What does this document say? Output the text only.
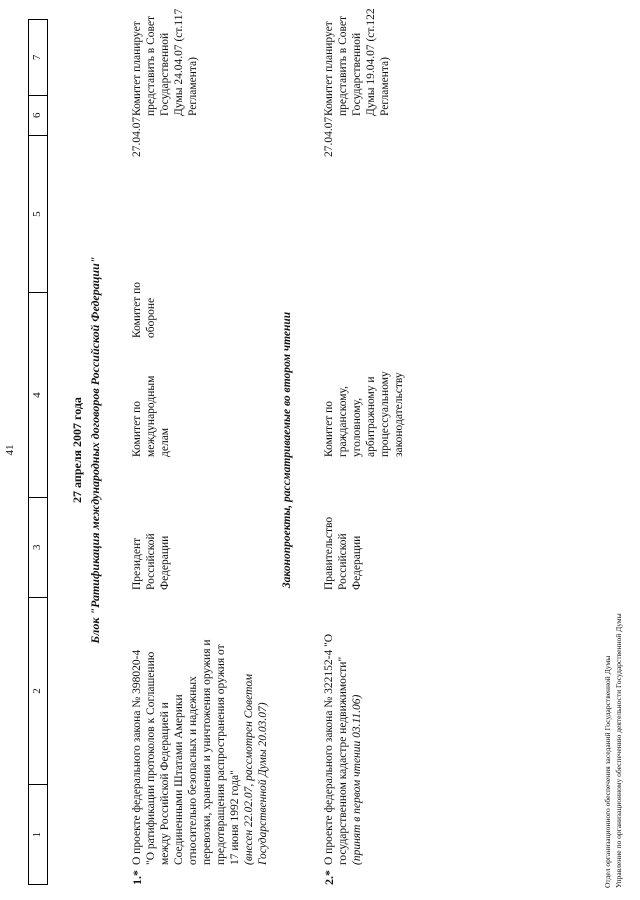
41
1
2
3
4
5
6
7
27 апреля 2007 года Блок "Ратификация международных договоров Российской Федерации"
1.*
О проекте федерального закона № 398020-4 "О ратификации протоколов к Соглашению между Российской Федерацией и Соединенными Штатами Америки относительно безопасных и надежных перевозки, хранения и уничтожения оружия и предотвращения распространения оружия от 17 июня 1992 года" (внесен 22.02.07, рассмотрен Советом Государственной Думы 20.03.07)
Президент Российской Федерации
Комитет по международным делам
Комитет по обороне
27.04.07
Комитет планирует представить в Совет Государственной Думы 24.04.07 (ст.117 Регламента)
Законопроекты, рассматриваемые во втором чтении
2.*
О проекте федерального закона № 322152-4 "О государственном кадастре недвижимости" (принят в первом чтении 03.11.06)
Правительство Российской Федерации
Комитет по гражданскому, уголовному, арбитражному и процессуальному законодательству
27.04.07
Комитет планирует представить в Совет Государственной Думы 19.04.07 (ст.122 Регламента)
Отдел организационного обеспечения заседаний Государственной Думы Управление по организационному обеспечению деятельности Государственной Думы
